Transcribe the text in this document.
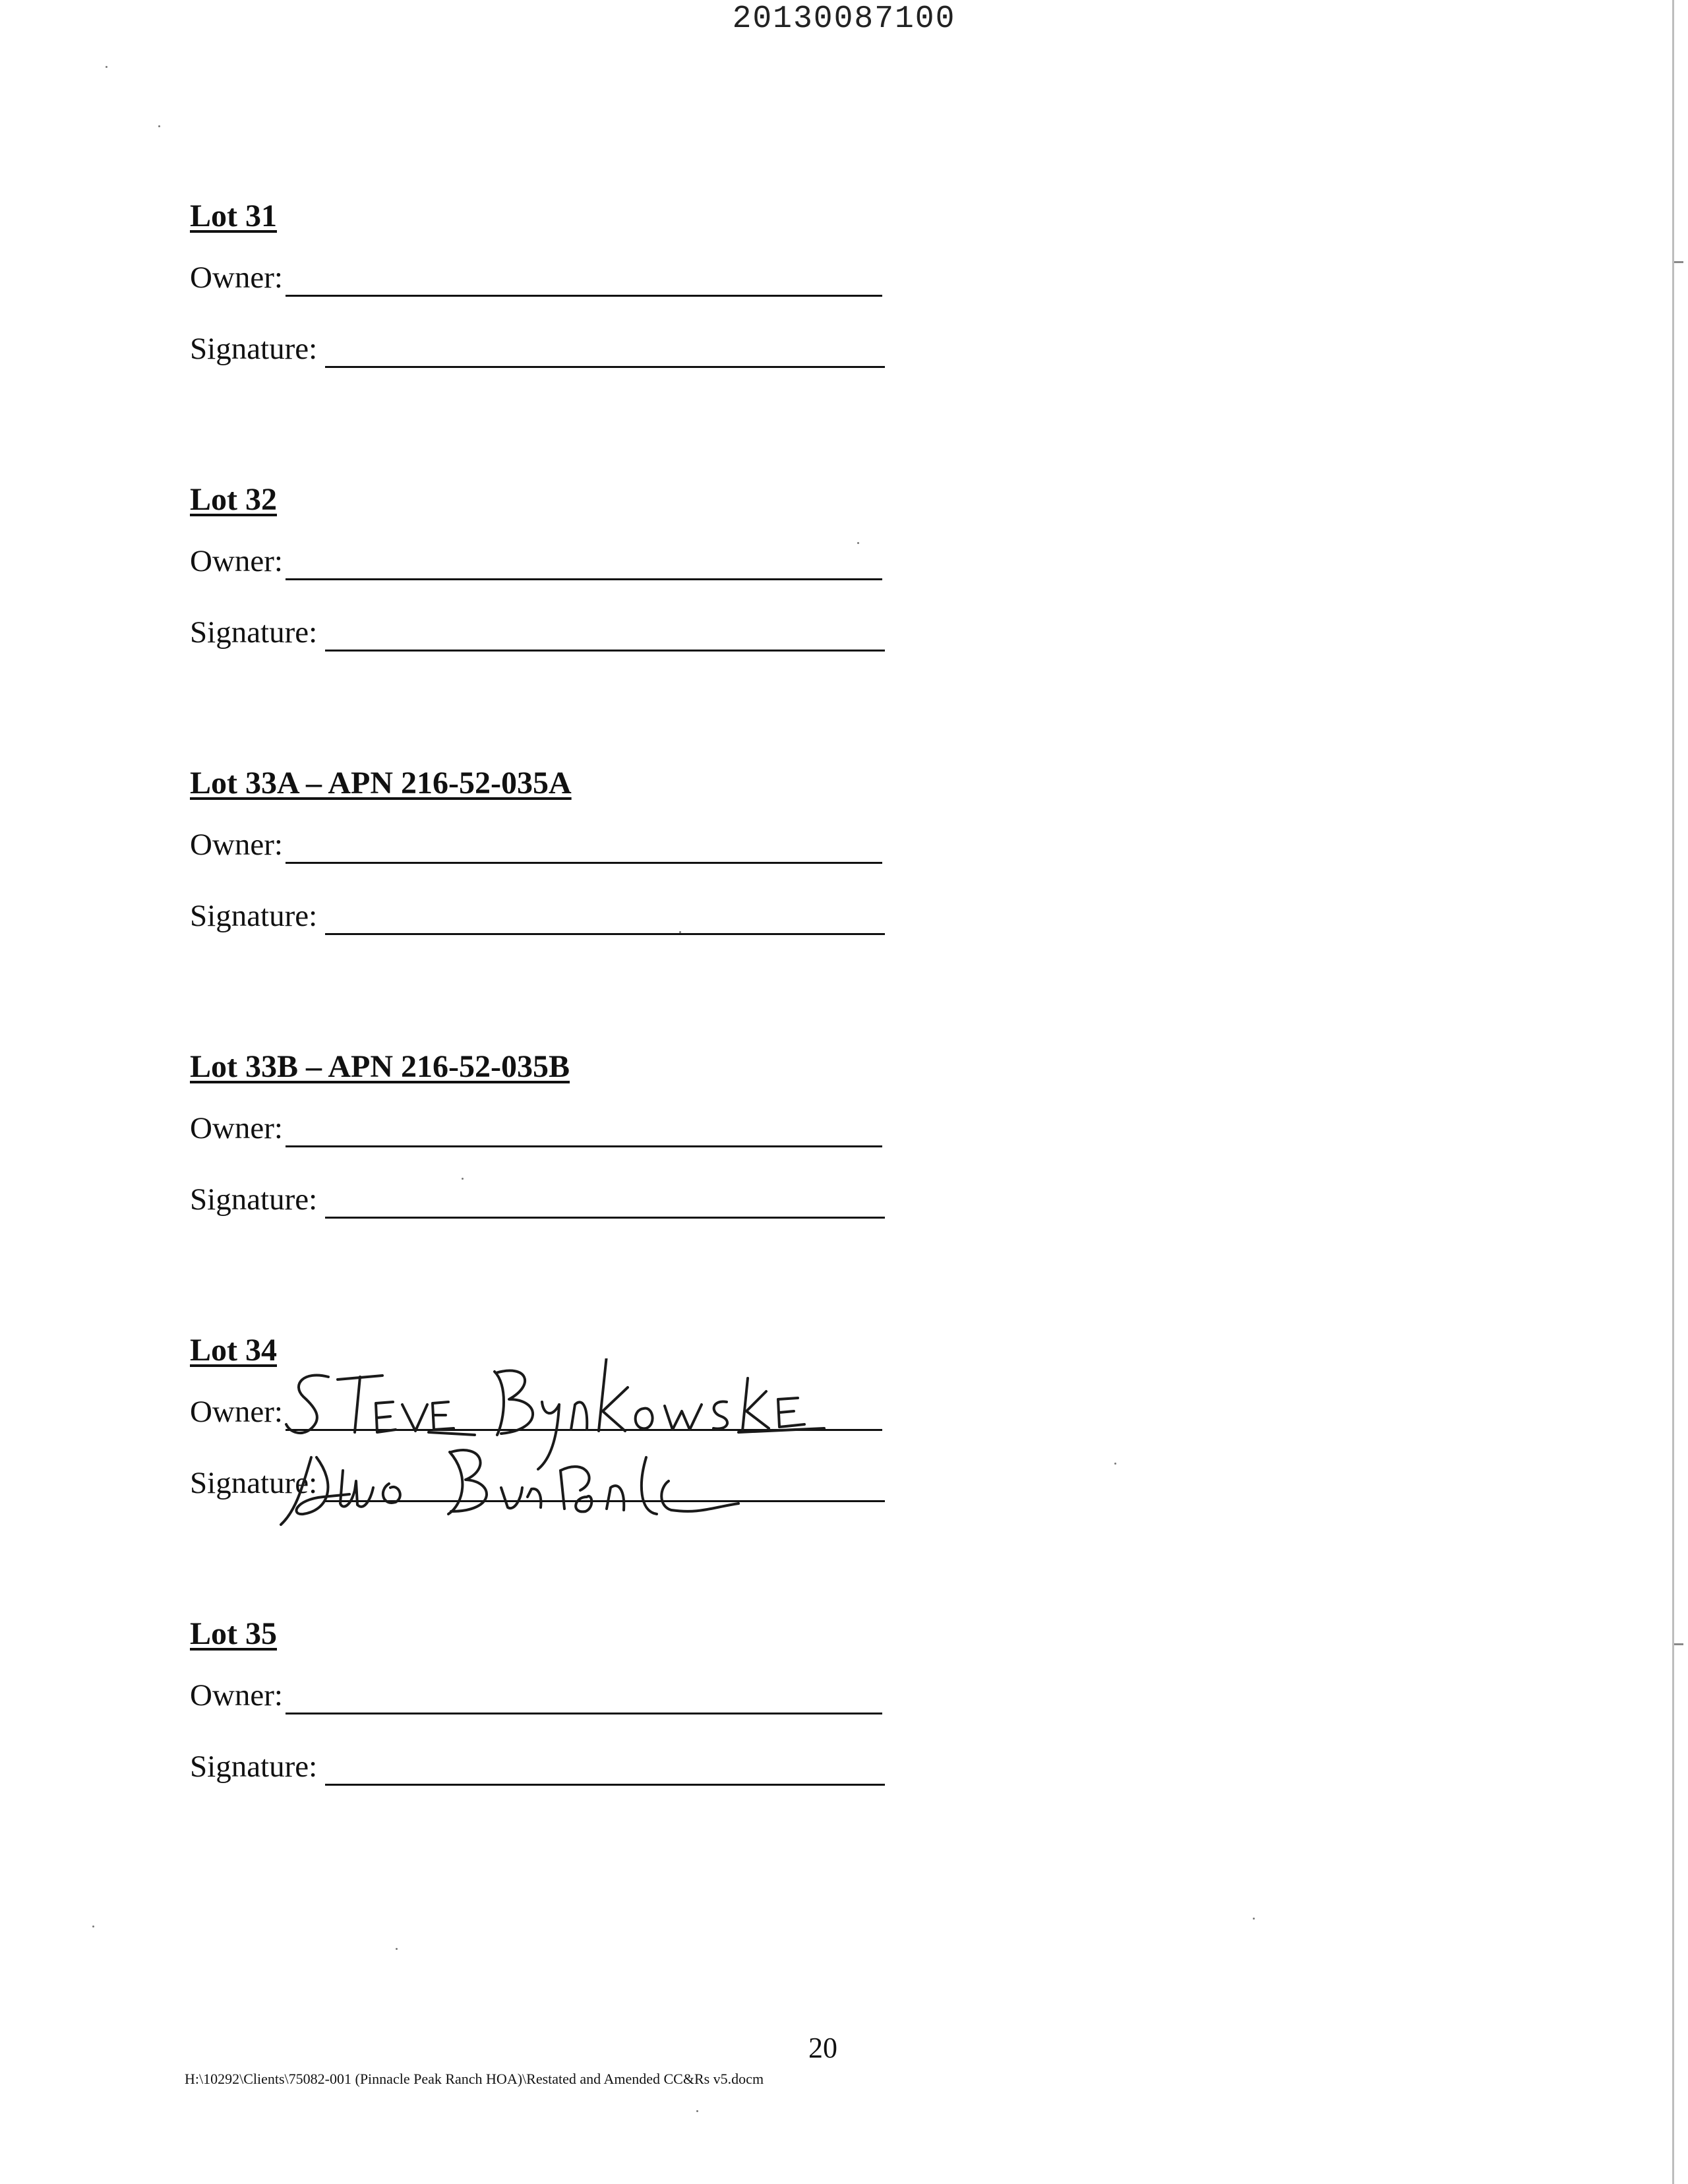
20130087100
Lot 31
Owner:
Signature:
Lot 32
Owner:
Signature:
Lot 33A – APN 216-52-035A
Owner:
Signature:
Lot 33B – APN 216-52-035B
Owner:
Signature:
Lot 34
Owner:
Signature:
Lot 35
Owner:
Signature:
20
H:\10292\Clients\75082-001 (Pinnacle Peak Ranch HOA)\Restated and Amended CC&Rs v5.docm
